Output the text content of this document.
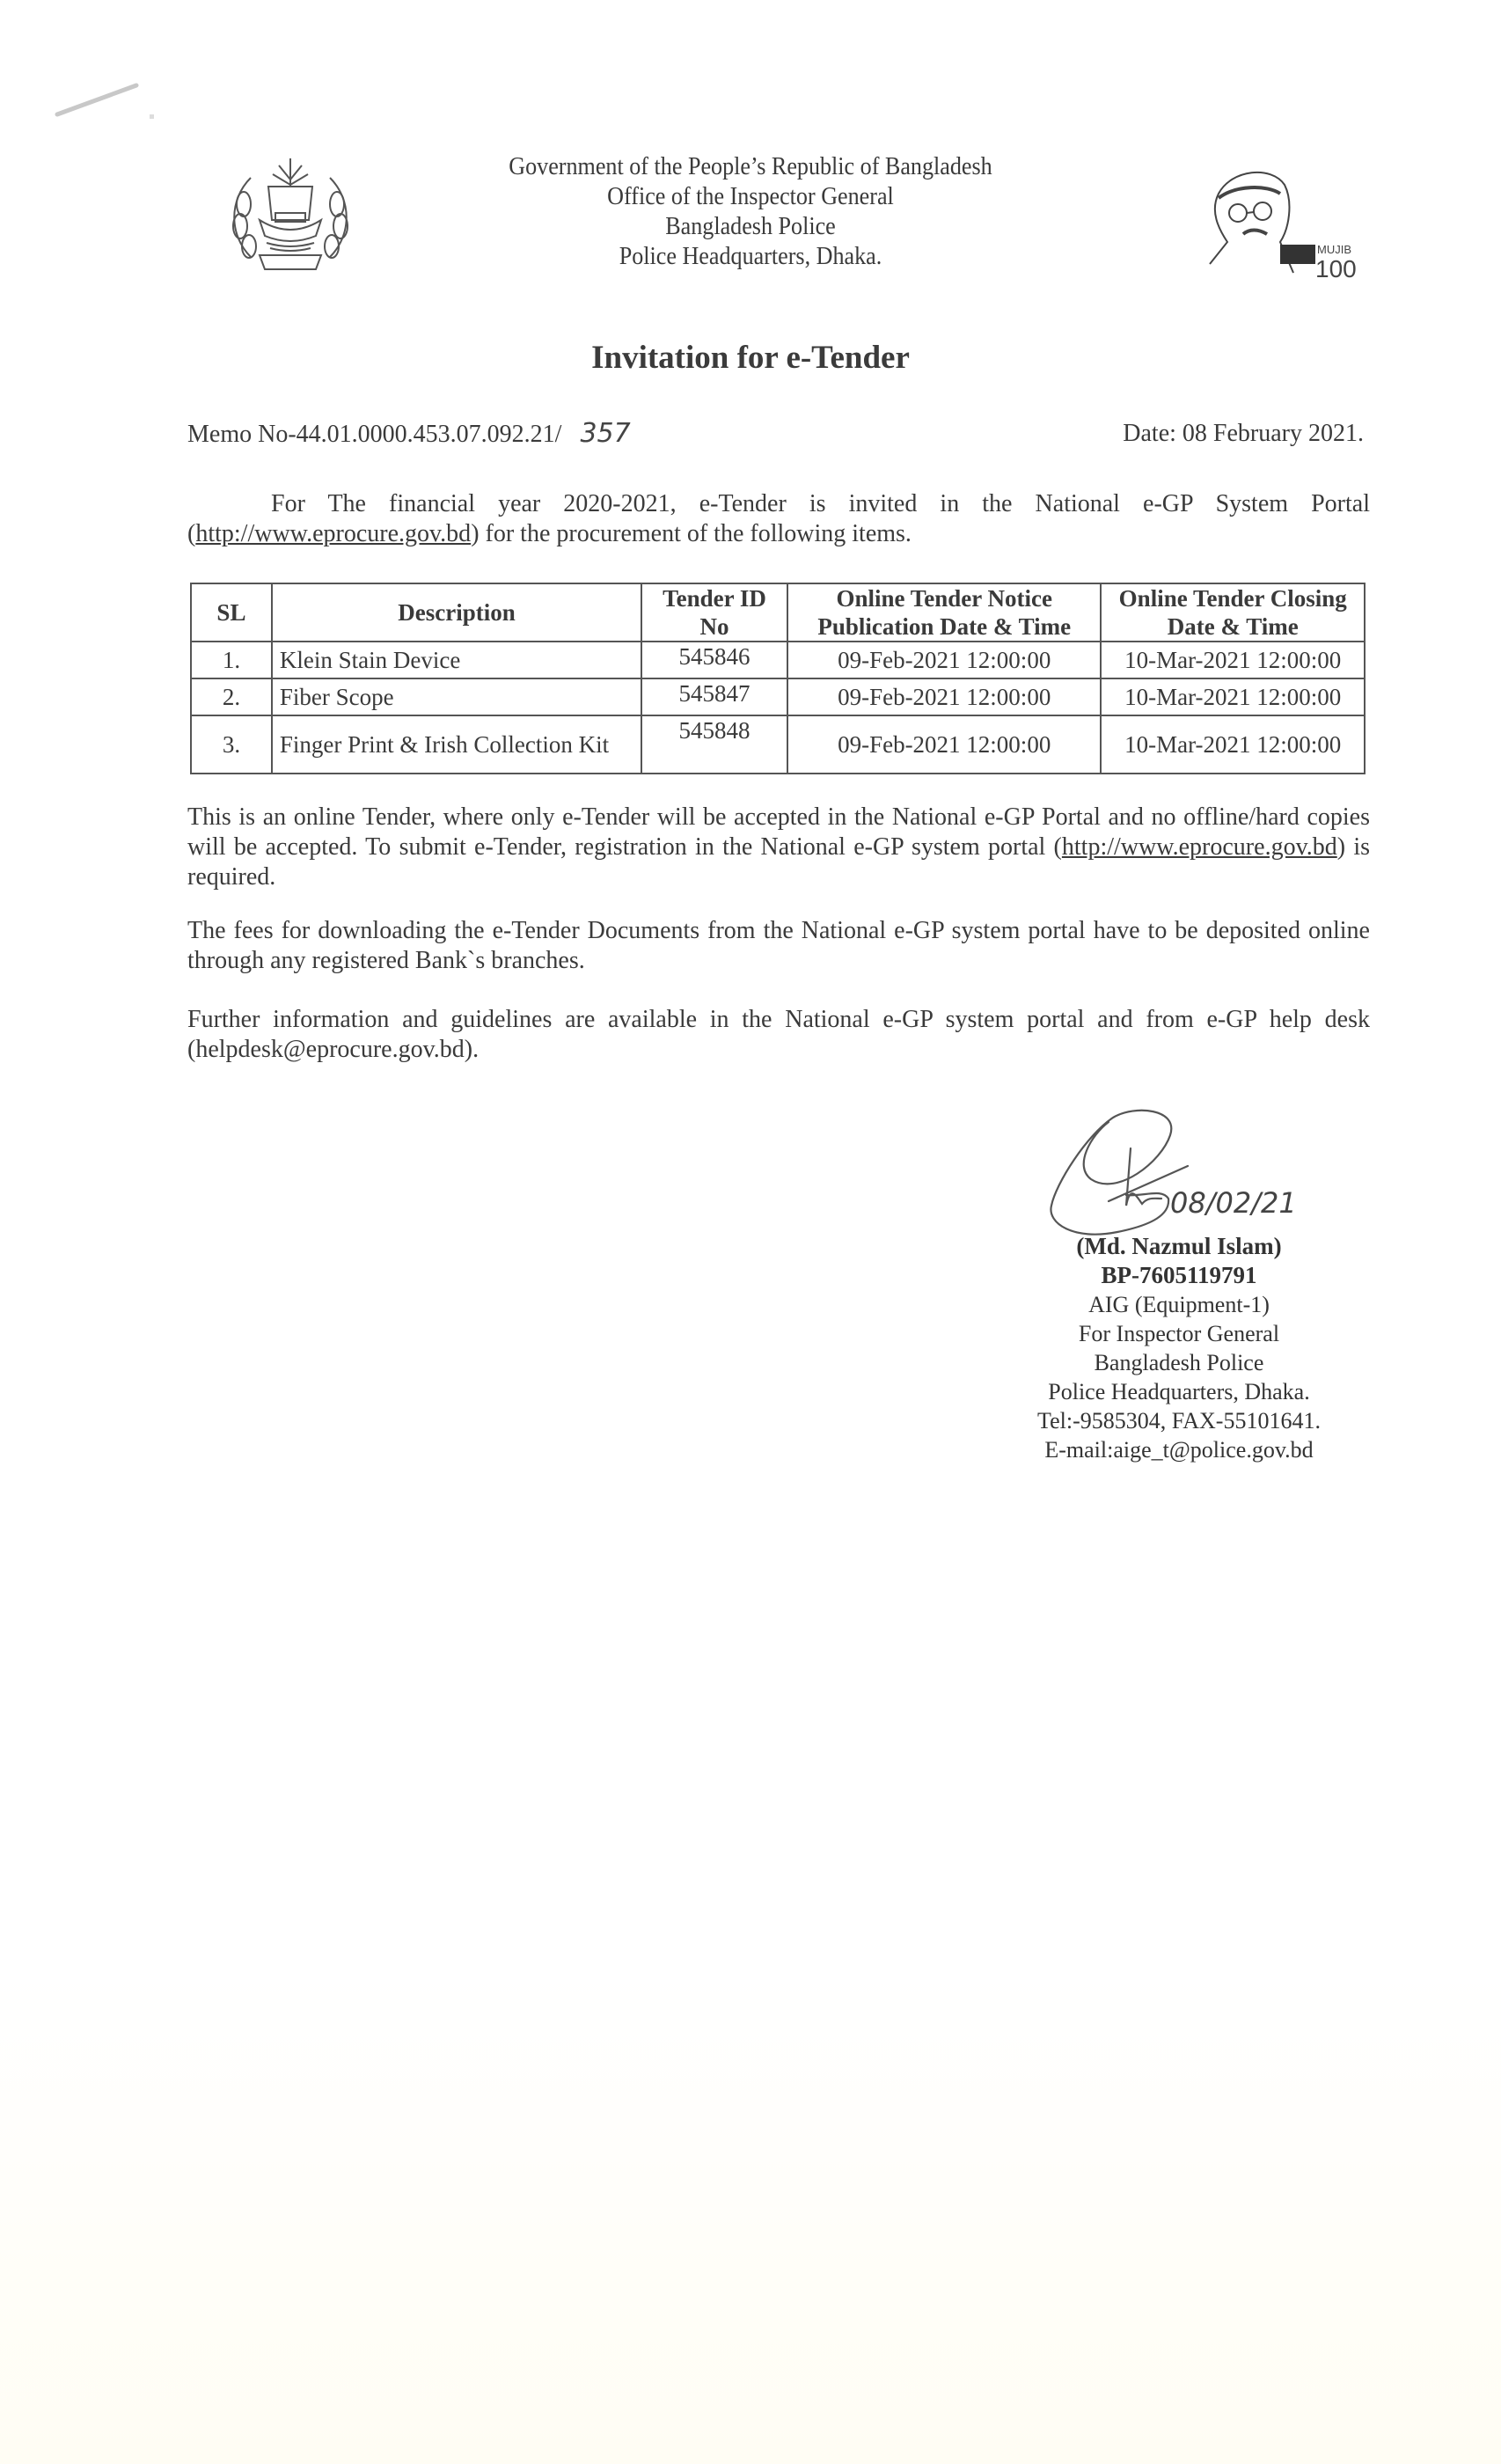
MUJIB
100
Government of the People’s Republic of Bangladesh
Office of the Inspector General
Bangladesh Police
Police Headquarters, Dhaka.
Invitation for e-Tender
Memo No-44.01.0000.453.07.092.21/ 357	Date: 08 February 2021.
For The financial year 2020-2021, e-Tender is invited in the National e-GP System Portal (http://www.eprocure.gov.bd) for the procurement of the following items.
SL	Description	Tender ID No	Online Tender Notice Publication Date & Time	Online Tender Closing Date & Time
1.	Klein Stain Device	545846	09-Feb-2021 12:00:00	10-Mar-2021 12:00:00
2.	Fiber Scope	545847	09-Feb-2021 12:00:00	10-Mar-2021 12:00:00
3.	Finger Print & Irish Collection Kit	545848	09-Feb-2021 12:00:00	10-Mar-2021 12:00:00
This is an online Tender, where only e-Tender will be accepted in the National e-GP Portal and no offline/hard copies will be accepted. To submit e-Tender, registration in the National e-GP system portal (http://www.eprocure.gov.bd) is required.
The fees for downloading the e-Tender Documents from the National e-GP system portal have to be deposited online through any registered Bank`s branches.
Further information and guidelines are available in the National e-GP system portal and from e-GP help desk (helpdesk@eprocure.gov.bd).
08/02/21
(Md. Nazmul Islam)
BP-7605119791
AIG (Equipment-1)
For Inspector General
Bangladesh Police
Police Headquarters, Dhaka.
Tel:-9585304, FAX-55101641.
E-mail:aige_t@police.gov.bd
